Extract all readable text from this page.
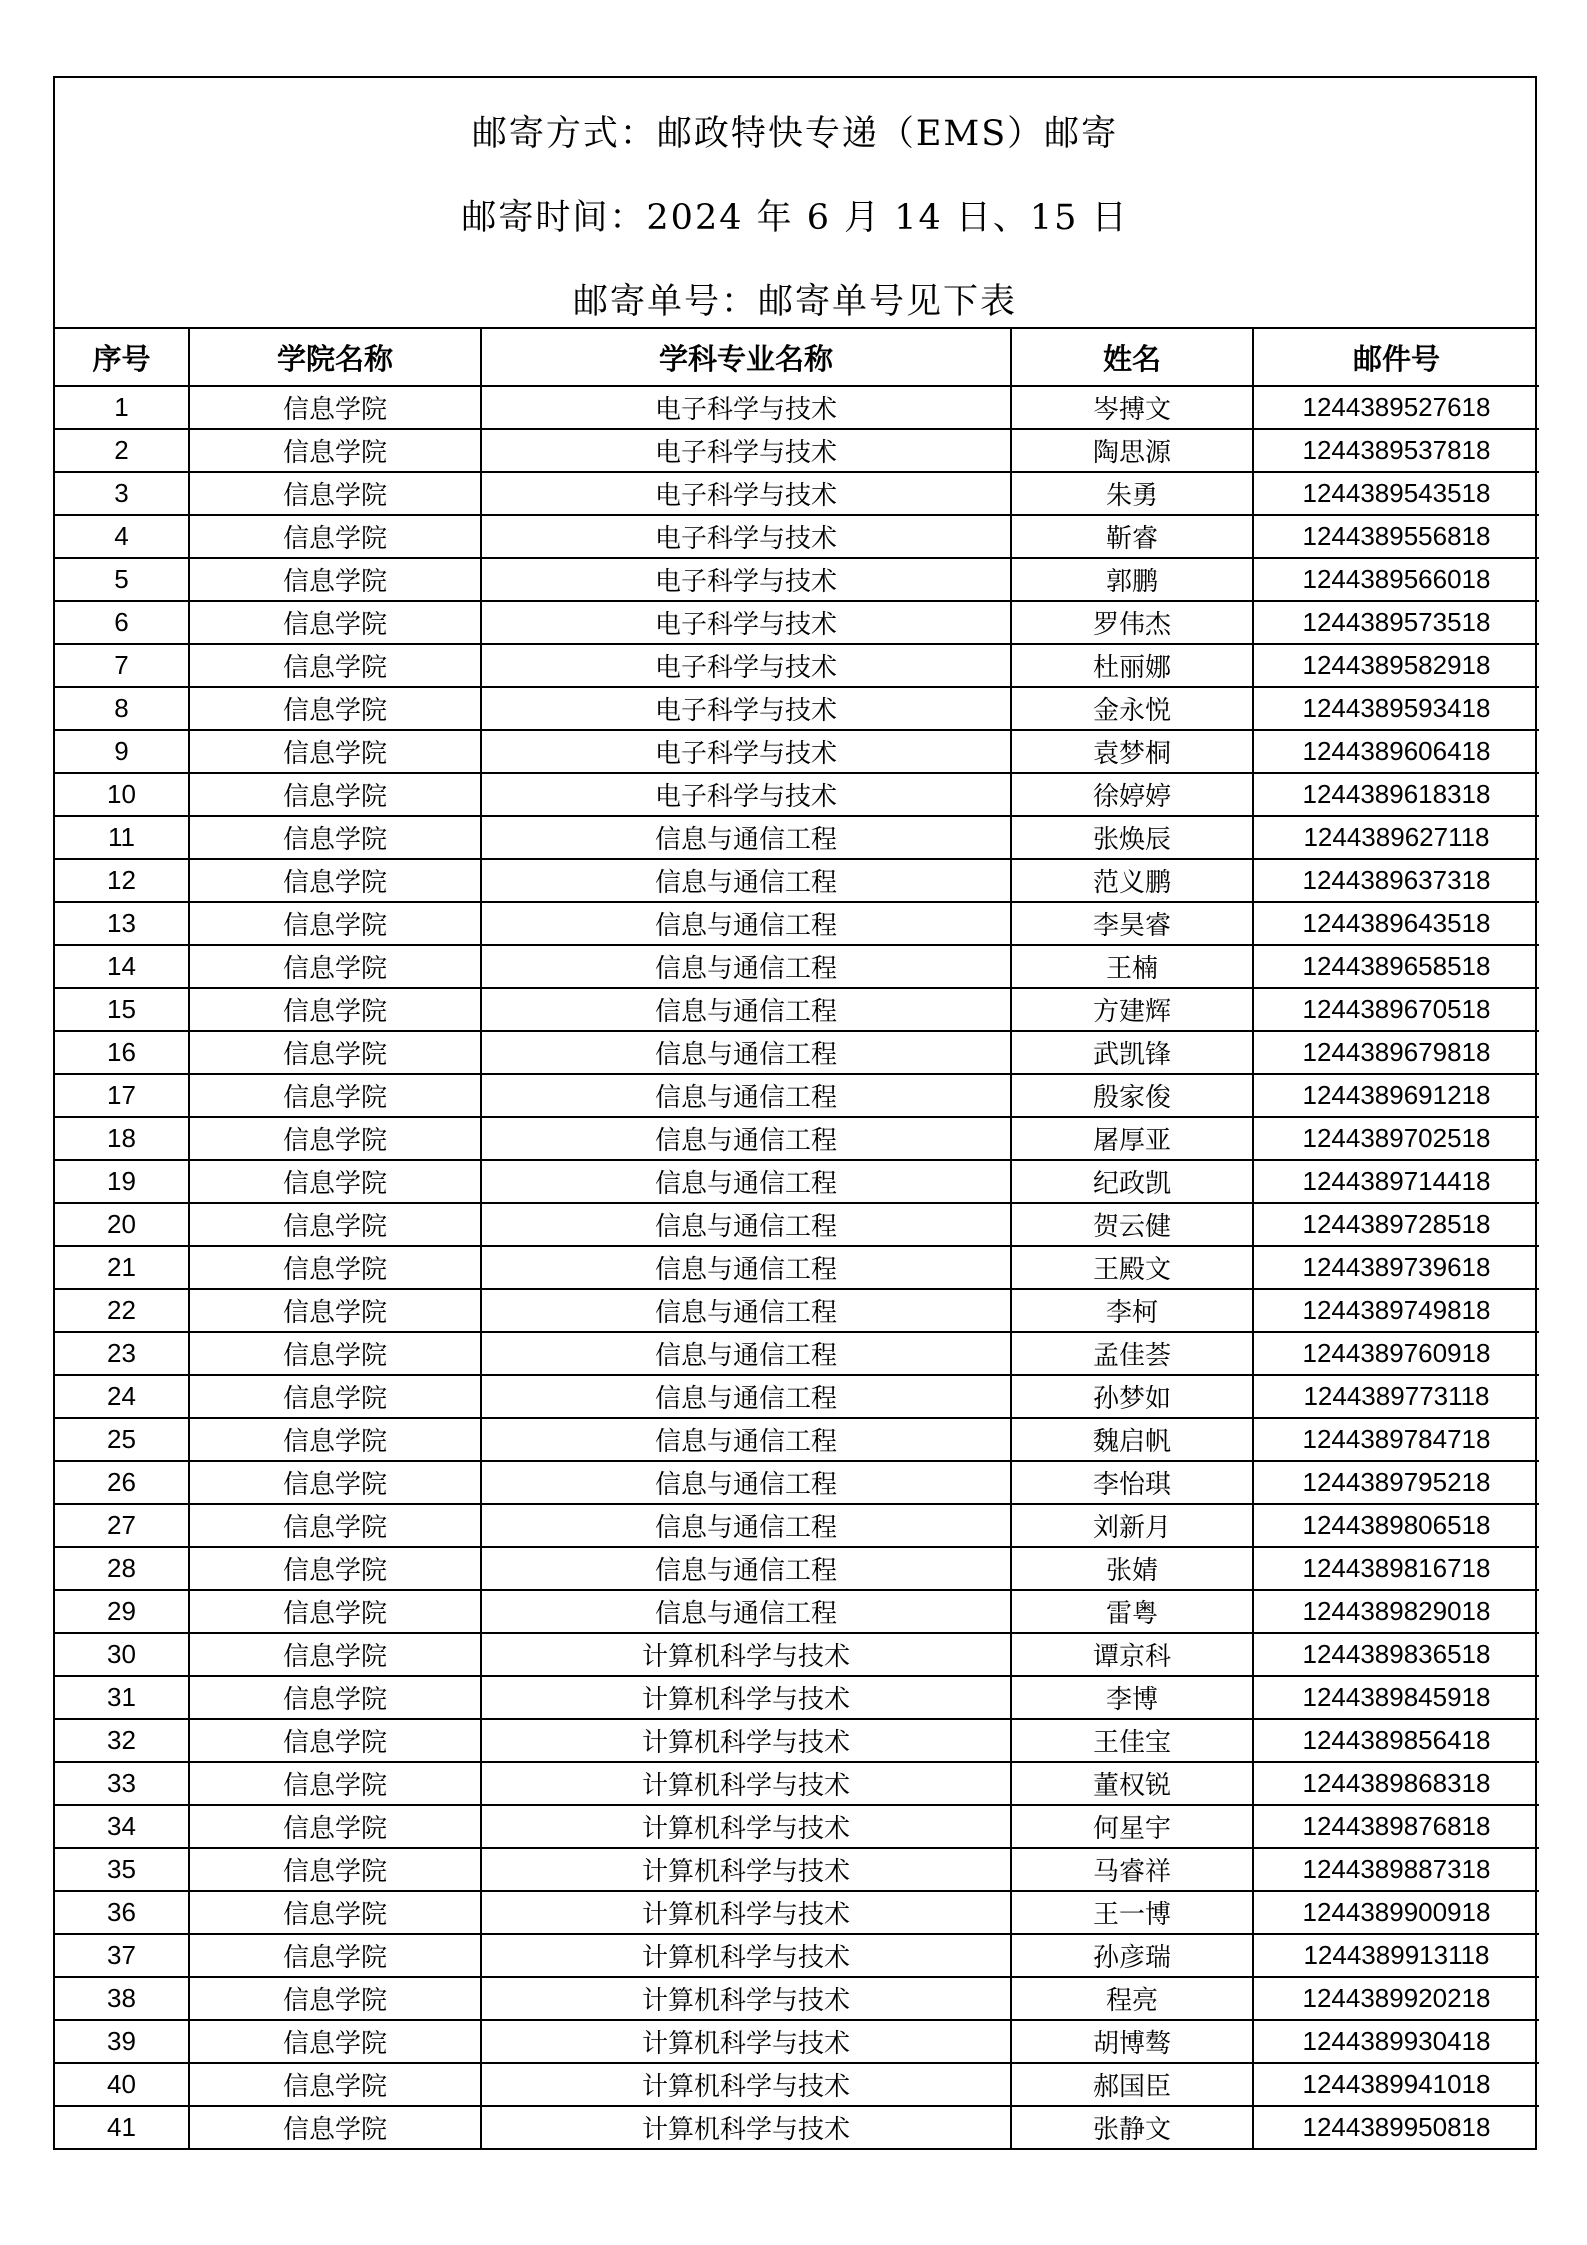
邮寄方式：邮政特快专递（EMS）邮寄
邮寄时间：2024 年 6 月 14 日、15 日
邮寄单号：邮寄单号见下表
序号	学院名称	学科专业名称	姓名	邮件号
1	信息学院	电子科学与技术	岑搏文	1244389527618
2	信息学院	电子科学与技术	陶思源	1244389537818
3	信息学院	电子科学与技术	朱勇	1244389543518
4	信息学院	电子科学与技术	靳睿	1244389556818
5	信息学院	电子科学与技术	郭鹏	1244389566018
6	信息学院	电子科学与技术	罗伟杰	1244389573518
7	信息学院	电子科学与技术	杜丽娜	1244389582918
8	信息学院	电子科学与技术	金永悦	1244389593418
9	信息学院	电子科学与技术	袁梦桐	1244389606418
10	信息学院	电子科学与技术	徐婷婷	1244389618318
11	信息学院	信息与通信工程	张焕辰	1244389627118
12	信息学院	信息与通信工程	范义鹏	1244389637318
13	信息学院	信息与通信工程	李昊睿	1244389643518
14	信息学院	信息与通信工程	王楠	1244389658518
15	信息学院	信息与通信工程	方建辉	1244389670518
16	信息学院	信息与通信工程	武凯锋	1244389679818
17	信息学院	信息与通信工程	殷家俊	1244389691218
18	信息学院	信息与通信工程	屠厚亚	1244389702518
19	信息学院	信息与通信工程	纪政凯	1244389714418
20	信息学院	信息与通信工程	贺云健	1244389728518
21	信息学院	信息与通信工程	王殿文	1244389739618
22	信息学院	信息与通信工程	李柯	1244389749818
23	信息学院	信息与通信工程	孟佳荟	1244389760918
24	信息学院	信息与通信工程	孙梦如	1244389773118
25	信息学院	信息与通信工程	魏启帆	1244389784718
26	信息学院	信息与通信工程	李怡琪	1244389795218
27	信息学院	信息与通信工程	刘新月	1244389806518
28	信息学院	信息与通信工程	张婧	1244389816718
29	信息学院	信息与通信工程	雷粤	1244389829018
30	信息学院	计算机科学与技术	谭京科	1244389836518
31	信息学院	计算机科学与技术	李博	1244389845918
32	信息学院	计算机科学与技术	王佳宝	1244389856418
33	信息学院	计算机科学与技术	董权锐	1244389868318
34	信息学院	计算机科学与技术	何星宇	1244389876818
35	信息学院	计算机科学与技术	马睿祥	1244389887318
36	信息学院	计算机科学与技术	王一博	1244389900918
37	信息学院	计算机科学与技术	孙彦瑞	1244389913118
38	信息学院	计算机科学与技术	程亮	1244389920218
39	信息学院	计算机科学与技术	胡博骜	1244389930418
40	信息学院	计算机科学与技术	郝国臣	1244389941018
41	信息学院	计算机科学与技术	张静文	1244389950818
